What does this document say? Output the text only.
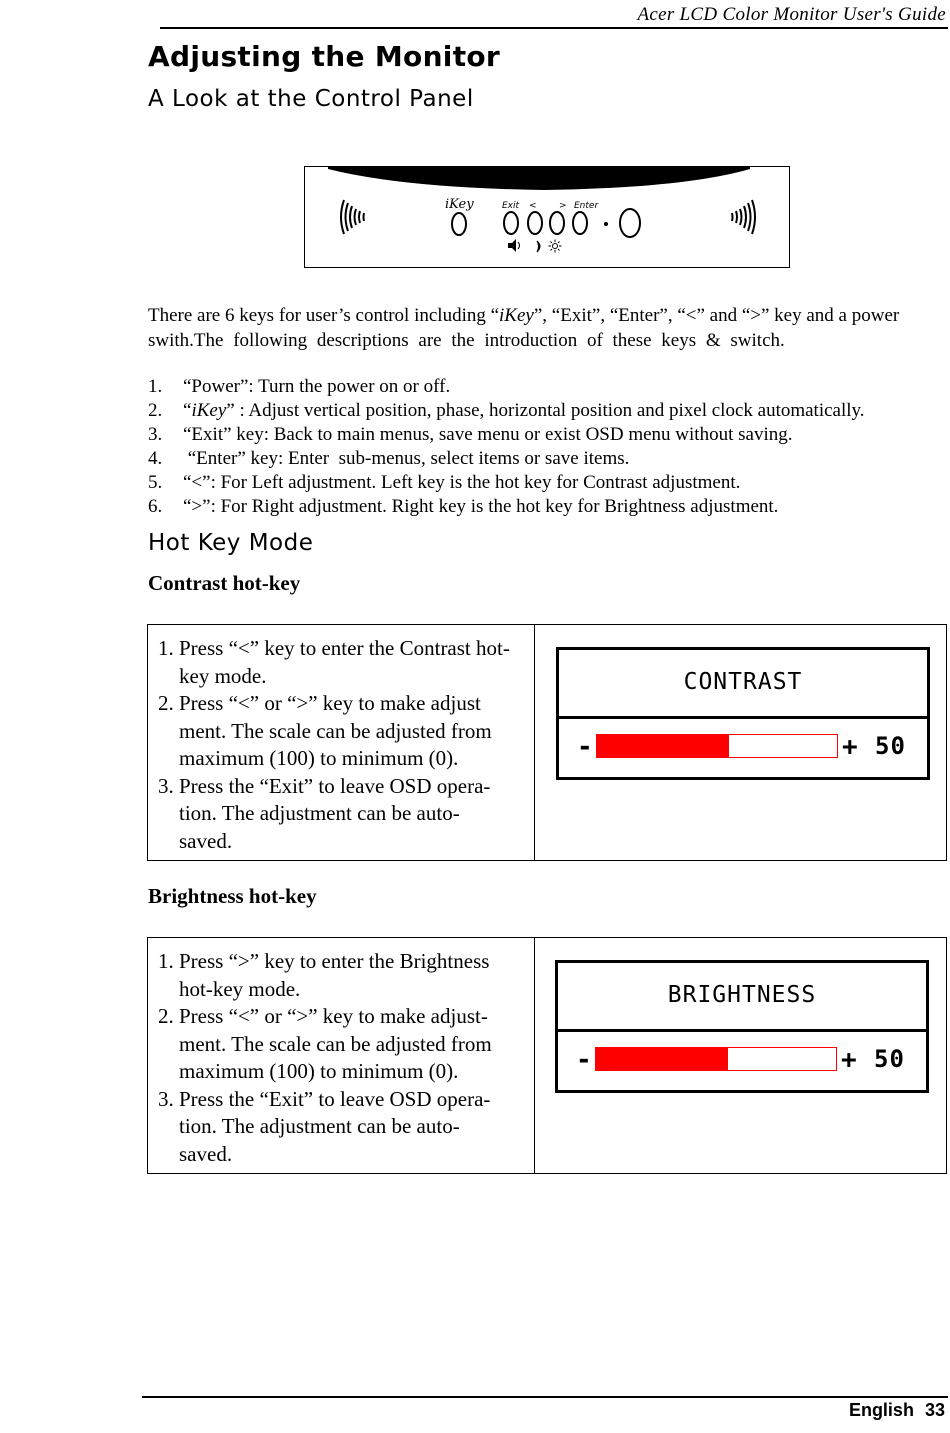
Acer LCD Color Monitor User's Guide
Adjusting the Monitor
A Look at the Control Panel
iKey	Exit < > Enter
There are 6 keys for user’s control including “iKey”, “Exit”, “Enter”, “<” and “>” key and a power
swith.The following descriptions are the introduction of these keys & switch.
1. “Power”: Turn the power on or off.
2. “iKey” : Adjust vertical position, phase, horizontal position and pixel clock automatically.
3. “Exit” key: Back to main menus, save menu or exist OSD menu without saving.
4. “Enter” key: Enter  sub-menus, select items or save items.
5. “<”: For Left adjustment. Left key is the hot key for Contrast adjustment.
6. “>”: For Right adjustment. Right key is the hot key for Brightness adjustment.
Hot Key Mode
Contrast hot-key
1. Press “<” key to enter the Contrast hot-
key mode.
2. Press “<” or “>” key to make adjust
ment. The scale can be adjusted from
maximum (100) to minimum (0).
3. Press the “Exit” to leave OSD opera-
tion. The adjustment can be auto-
saved.
CONTRAST
-	+ 50
Brightness hot-key
1. Press “>” key to enter the Brightness
hot-key mode.
2. Press “<” or “>” key to make adjust-
ment. The scale can be adjusted from
maximum (100) to minimum (0).
3. Press the “Exit” to leave OSD opera-
tion. The adjustment can be auto-
saved.
BRIGHTNESS
-	+ 50
English 33
